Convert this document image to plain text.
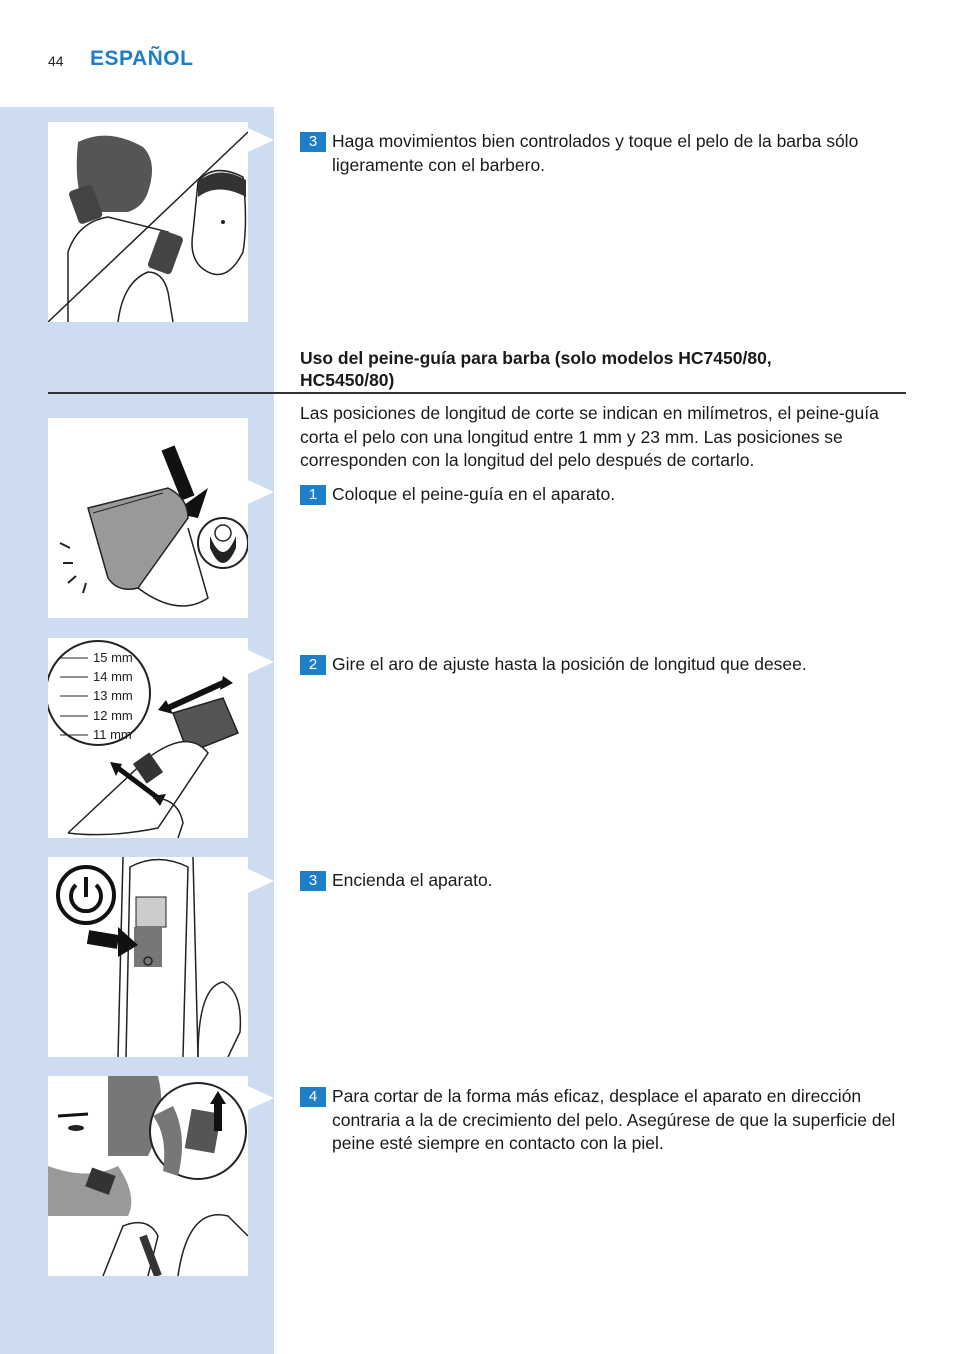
44 ESPAÑOL
15 mm
14 mm
13 mm
12 mm
11 mm
3 Haga movimientos bien controlados y toque el pelo de la barba sólo ligeramente con el barbero.
Uso del peine-guía para barba (solo modelos HC7450/80, HC5450/80)
Las posiciones de longitud de corte se indican en milímetros, el peine-guía corta el pelo con una longitud entre 1 mm y 23 mm. Las posiciones se corresponden con la longitud del pelo después de cortarlo.
1 Coloque el peine-guía en el aparato.
2 Gire el aro de ajuste hasta la posición de longitud que desee.
3 Encienda el aparato.
4 Para cortar de la forma más eficaz, desplace el aparato en dirección contraria a la de crecimiento del pelo. Asegúrese de que la superficie del peine esté siempre en contacto con la piel.
